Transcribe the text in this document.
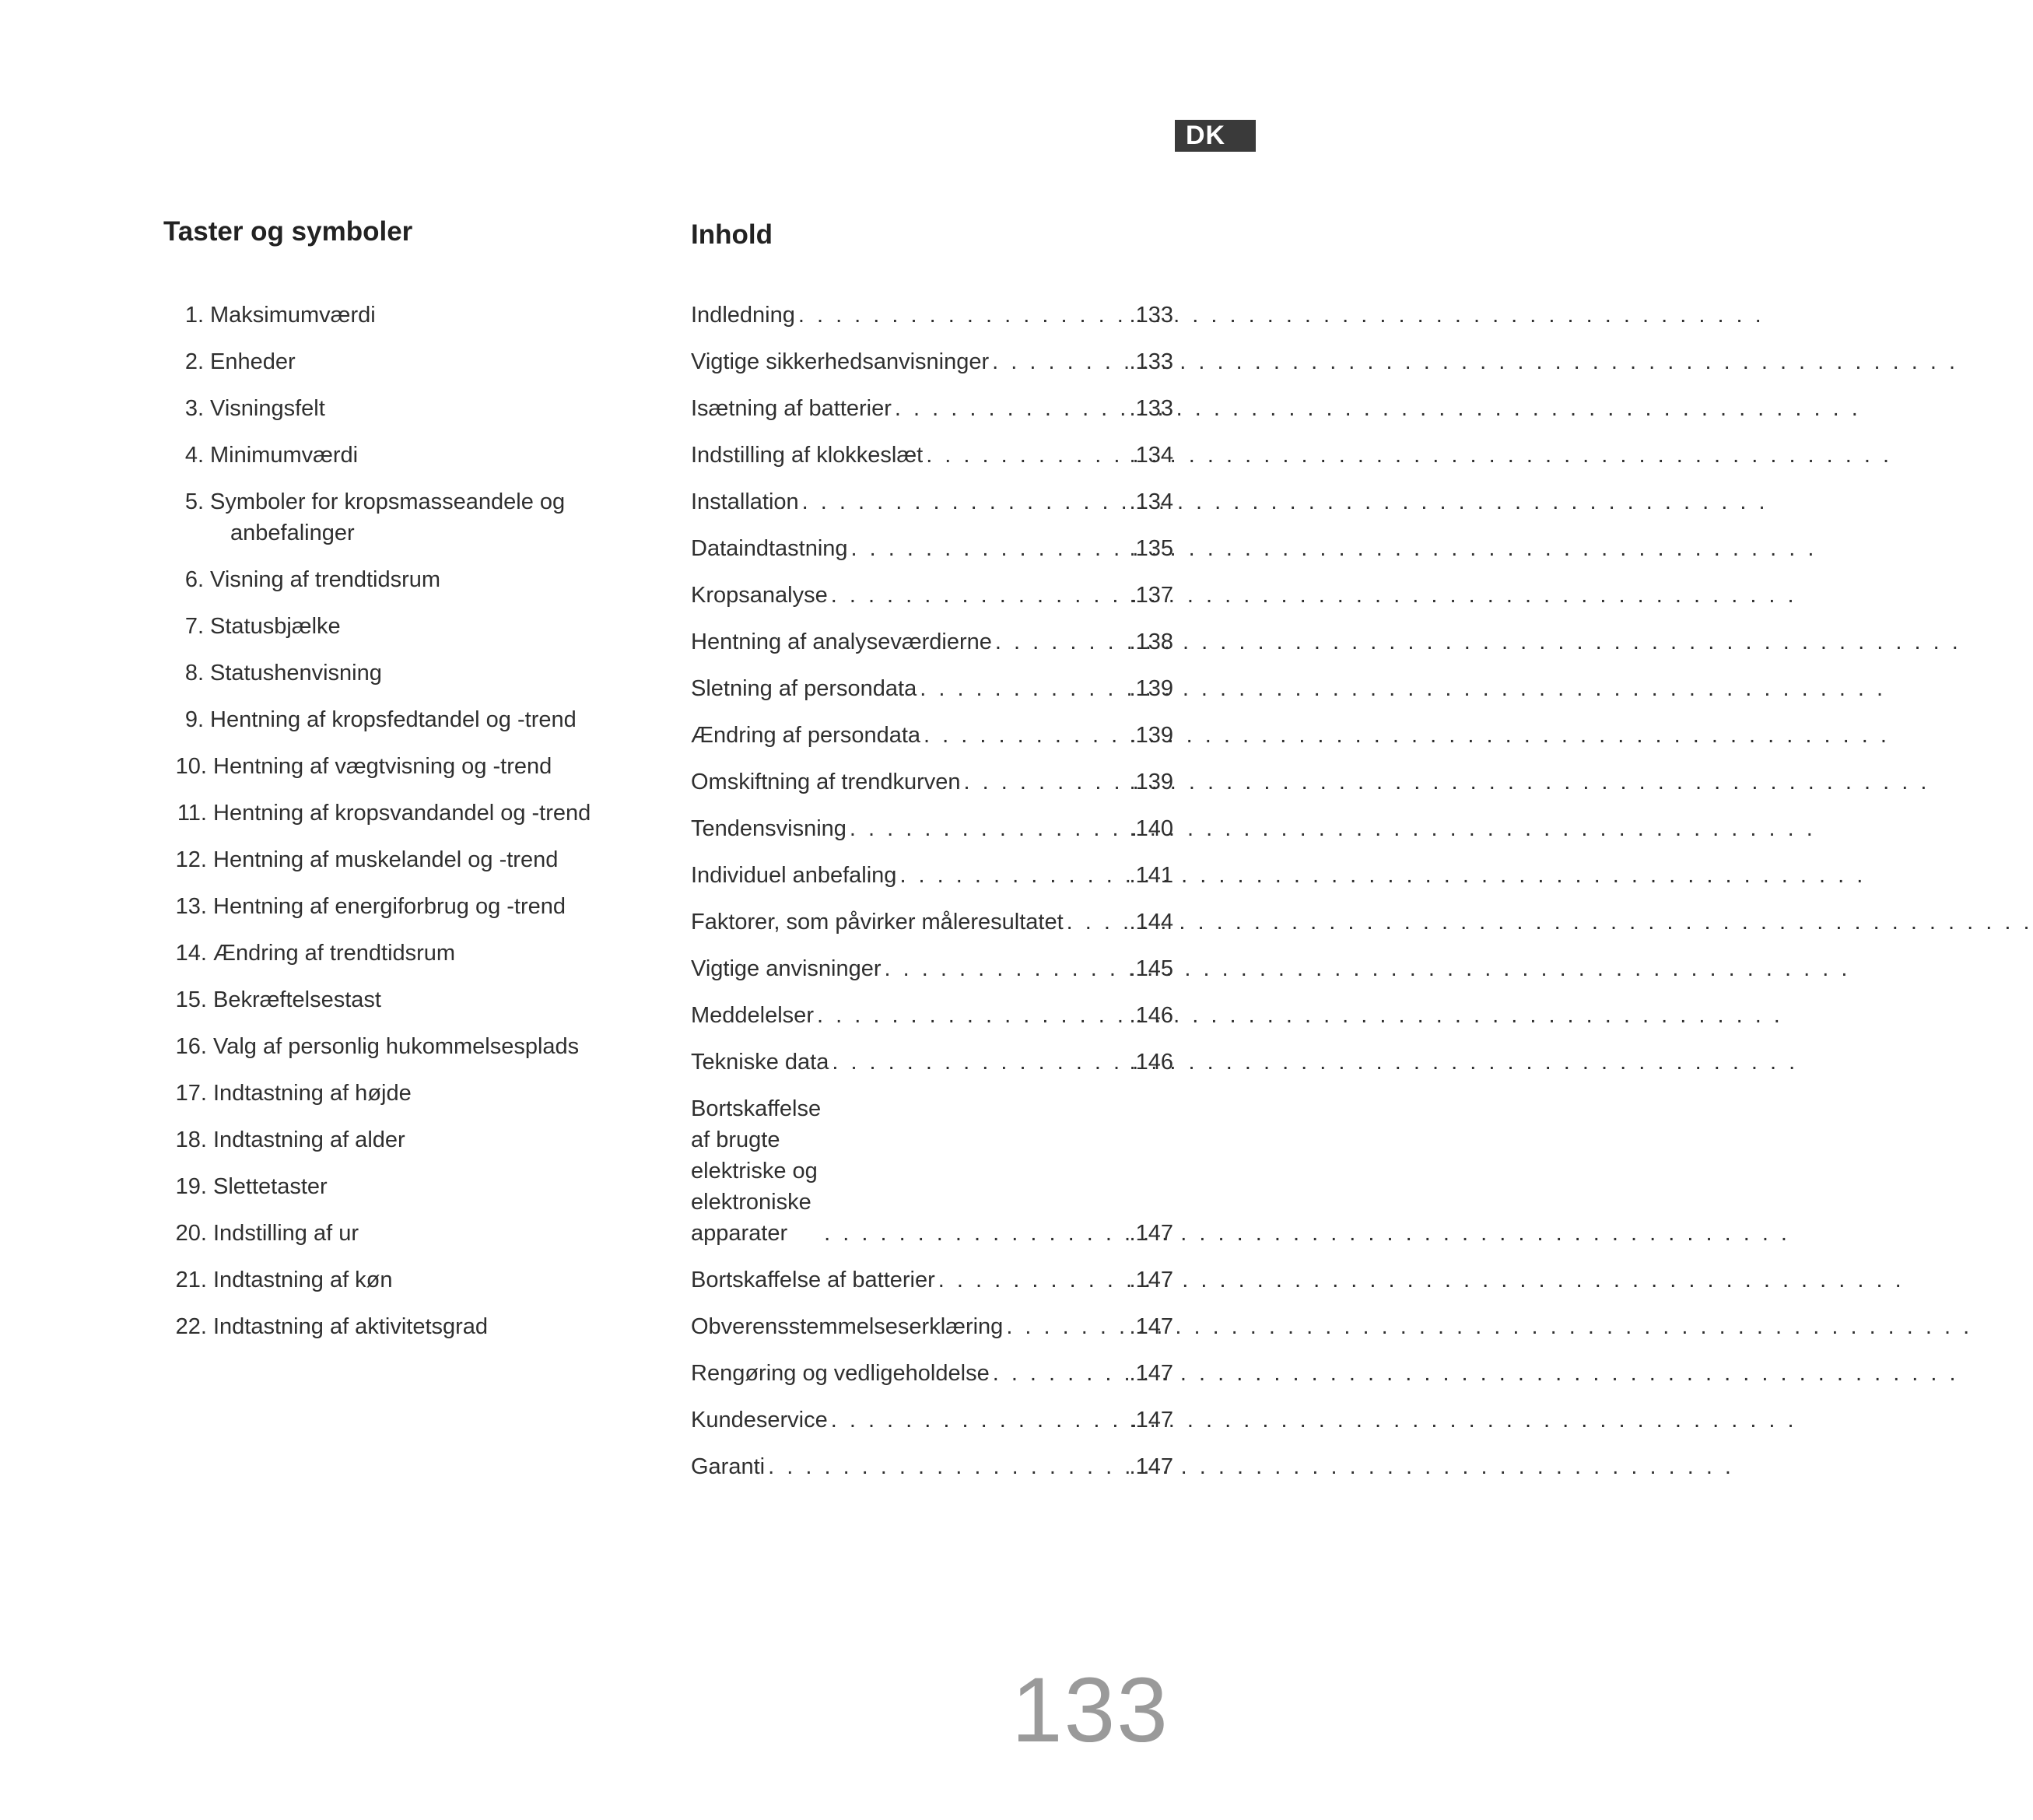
DK
Taster og symboler	Inhold
1. Maksimumværdi
2. Enheder
3. Visningsfelt
4. Minimumværdi
5. Symboler for kropsmasseandele og
anbefalinger
6. Visning af trendtidsrum
7. Statusbjælke
8. Statushenvisning
9. Hentning af kropsfedtandel og -trend
10. Hentning af vægtvisning og -trend
11. Hentning af kropsvandandel og -trend
12. Hentning af muskelandel og -trend
13. Hentning af energiforbrug og -trend
14. Ændring af trendtidsrum
15. Bekræftelsestast
16. Valg af personlig hukommelsesplads
17. Indtastning af højde
18. Indtastning af alder
19. Slettetaster
20. Indstilling af ur
21. Indtastning af køn
22. Indtastning af aktivitetsgrad
Indledning . . .	.133
Vigtige sikkerhedsanvisninger . . .	.133
Isætning af batterier . . .	.133
Indstilling af klokkeslæt . . .	.134
Installation . . .	.134
Dataindtastning . . .	.135
Kropsanalyse . . .	.137
Hentning af analyseværdierne . . .	.138
Sletning af persondata . . .	.139
Ændring af persondata . . .	.139
Omskiftning af trendkurven . . .	.139
Tendensvisning . . .	.140
Individuel anbefaling . . .	.141
Faktorer, som påvirker måleresultatet . . .	.144
Vigtige anvisninger . . .	.145
Meddelelser . . .	.146
Tekniske data . . .	.146
Bortskaffelse af brugte
elektriske og elektroniske apparater . . .	.147
Bortskaffelse af batterier . . .	.147
Obverensstemmelseserklæring . . .	.147
Rengøring og vedligeholdelse . . .	.147
Kundeservice . . .	.147
Garanti . . .	.147
133
